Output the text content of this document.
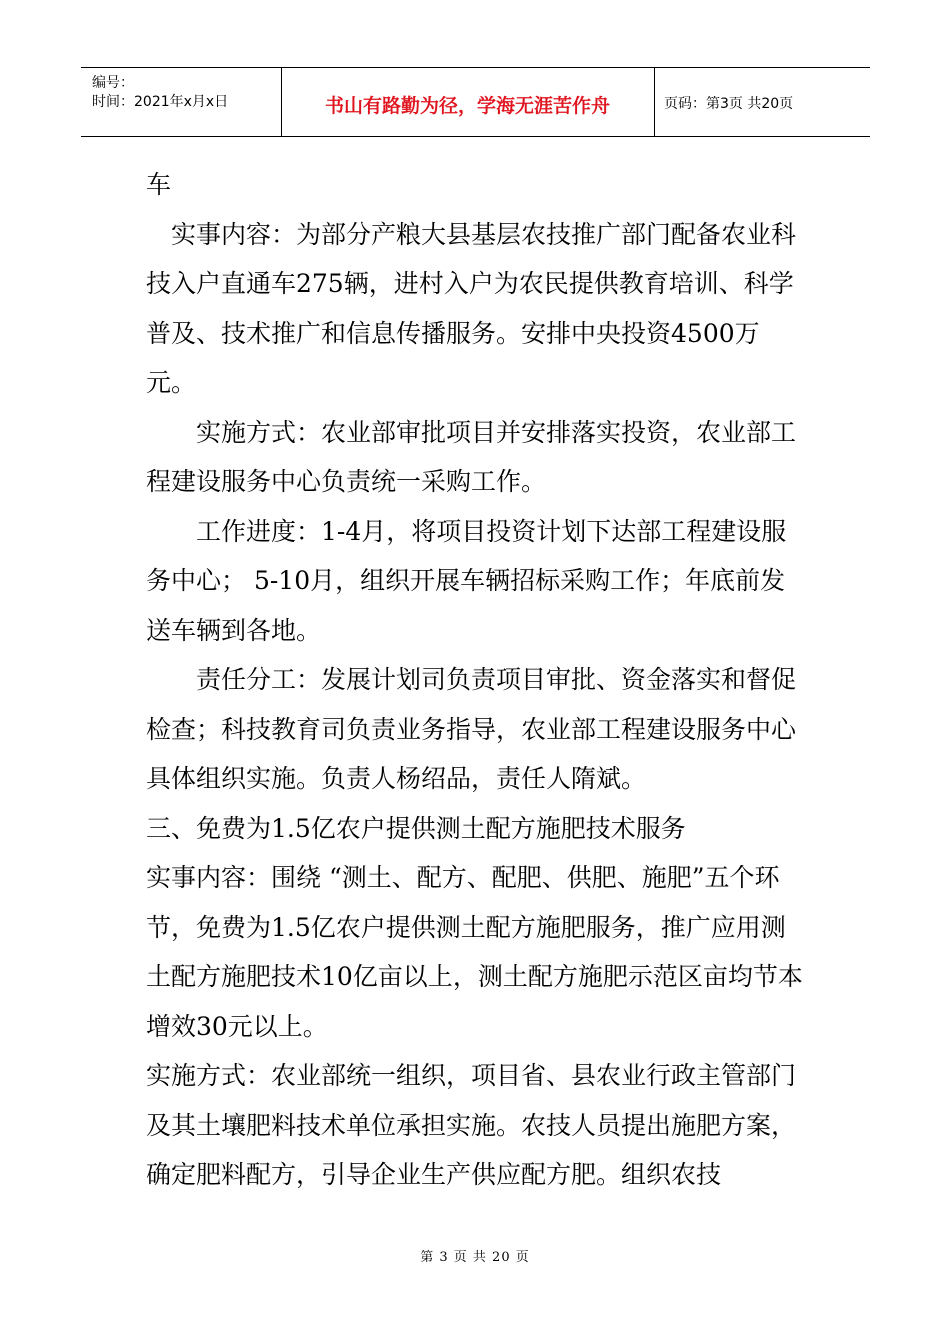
编号：
时间：2021年x月x日	书山有路勤为径，学海无涯苦作舟	页码：第3页 共20页

车

实事内容：为部分产粮大县基层农技推广部门配备农业科技入户直通车275辆，进村入户为农民提供教育培训、科学普及、技术推广和信息传播服务。安排中央投资4500万元。

实施方式：农业部审批项目并安排落实投资，农业部工程建设服务中心负责统一采购工作。

工作进度：1-4月，将项目投资计划下达部工程建设服务中心； 5-10月，组织开展车辆招标采购工作；年底前发送车辆到各地。

责任分工：发展计划司负责项目审批、资金落实和督促检查；科技教育司负责业务指导，农业部工程建设服务中心具体组织实施。负责人杨绍品，责任人隋斌。

三、免费为1.5亿农户提供测土配方施肥技术服务

实事内容：围绕 “测土、配方、配肥、供肥、施肥”五个环节，免费为1.5亿农户提供测土配方施肥服务，推广应用测土配方施肥技术10亿亩以上，测土配方施肥示范区亩均节本增效30元以上。

实施方式：农业部统一组织，项目省、县农业行政主管部门及其土壤肥料技术单位承担实施。农技人员提出施肥方案，确定肥料配方，引导企业生产供应配方肥。组织农技

第 3 页 共 20 页
